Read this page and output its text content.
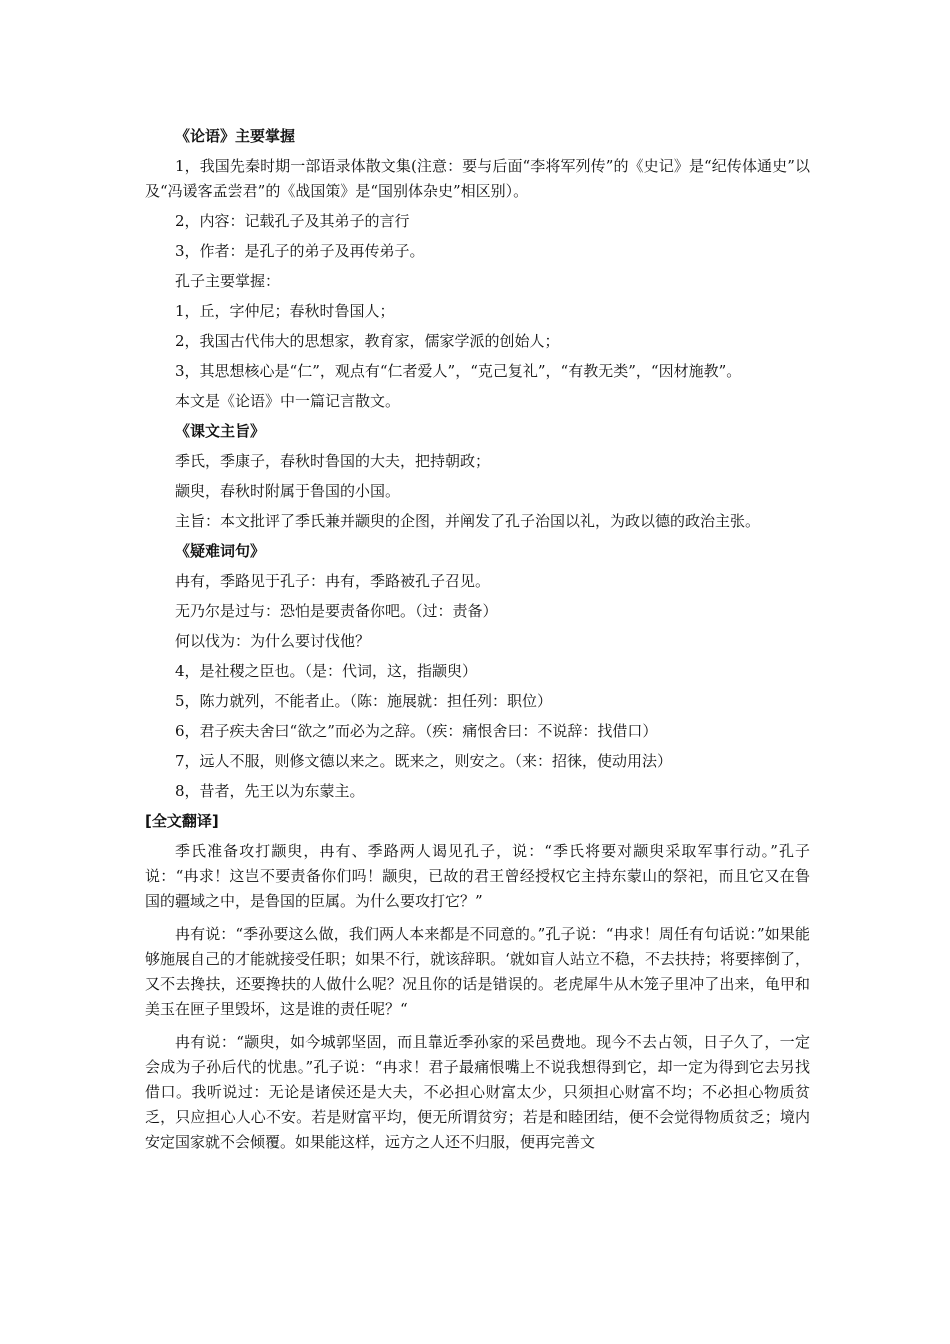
《论语》主要掌握
1，我国先秦时期一部语录体散文集(注意：要与后面“李将军列传”的《史记》是“纪传体通史”以及“冯谖客孟尝君”的《战国策》是“国别体杂史”相区别）。
2，内容：记载孔子及其弟子的言行
3，作者：是孔子的弟子及再传弟子。
孔子主要掌握：
1，丘，字仲尼；春秋时鲁国人；
2，我国古代伟大的思想家，教育家，儒家学派的创始人；
3，其思想核心是“仁”，观点有“仁者爱人”，“克己复礼”，“有教无类”，“因材施教”。
本文是《论语》中一篇记言散文。
《课文主旨》
季氏，季康子，春秋时鲁国的大夫，把持朝政；
颛臾，春秋时附属于鲁国的小国。
主旨：本文批评了季氏兼并颛臾的企图，并阐发了孔子治国以礼，为政以德的政治主张。
《疑难词句》
冉有，季路见于孔子：冉有，季路被孔子召见。
无乃尔是过与：恐怕是要责备你吧。（过：责备）
何以伐为：为什么要讨伐他？
4，是社稷之臣也。（是：代词，这，指颛臾）
5，陈力就列，不能者止。（陈：施展就：担任列：职位）
6，君子疾夫舍曰“欲之”而必为之辞。（疾：痛恨舍曰：不说辞：找借口）
7，远人不服，则修文德以来之。既来之，则安之。（来：招徕，使动用法）
8，昔者，先王以为东蒙主。
[全文翻译]
季氏准备攻打颛臾，冉有、季路两人谒见孔子，说：“季氏将要对颛臾采取军事行动。”孔子说：“冉求！这岂不要责备你们吗！颛臾，已故的君王曾经授权它主持东蒙山的祭祀，而且它又在鲁国的疆域之中，是鲁国的臣属。为什么要攻打它？”
冉有说：“季孙要这么做，我们两人本来都是不同意的。”孔子说：“冉求！周任有句话说：”如果能够施展自己的才能就接受任职；如果不行，就该辞职。‘就如盲人站立不稳，不去扶持；将要摔倒了，又不去搀扶，还要搀扶的人做什么呢？况且你的话是错误的。老虎犀牛从木笼子里冲了出来，龟甲和美玉在匣子里毁坏，这是谁的责任呢？“
冉有说：“颛臾，如今城郭坚固，而且靠近季孙家的采邑费地。现今不去占领，日子久了，一定会成为子孙后代的忧患。”孔子说：“冉求！君子最痛恨嘴上不说我想得到它，却一定为得到它去另找借口。我听说过：无论是诸侯还是大夫，不必担心财富太少，只须担心财富不均；不必担心物质贫乏，只应担心人心不安。若是财富平均，便无所谓贫穷；若是和睦团结，便不会觉得物质贫乏；境内安定国家就不会倾覆。如果能这样，远方之人还不归服，便再完善文
